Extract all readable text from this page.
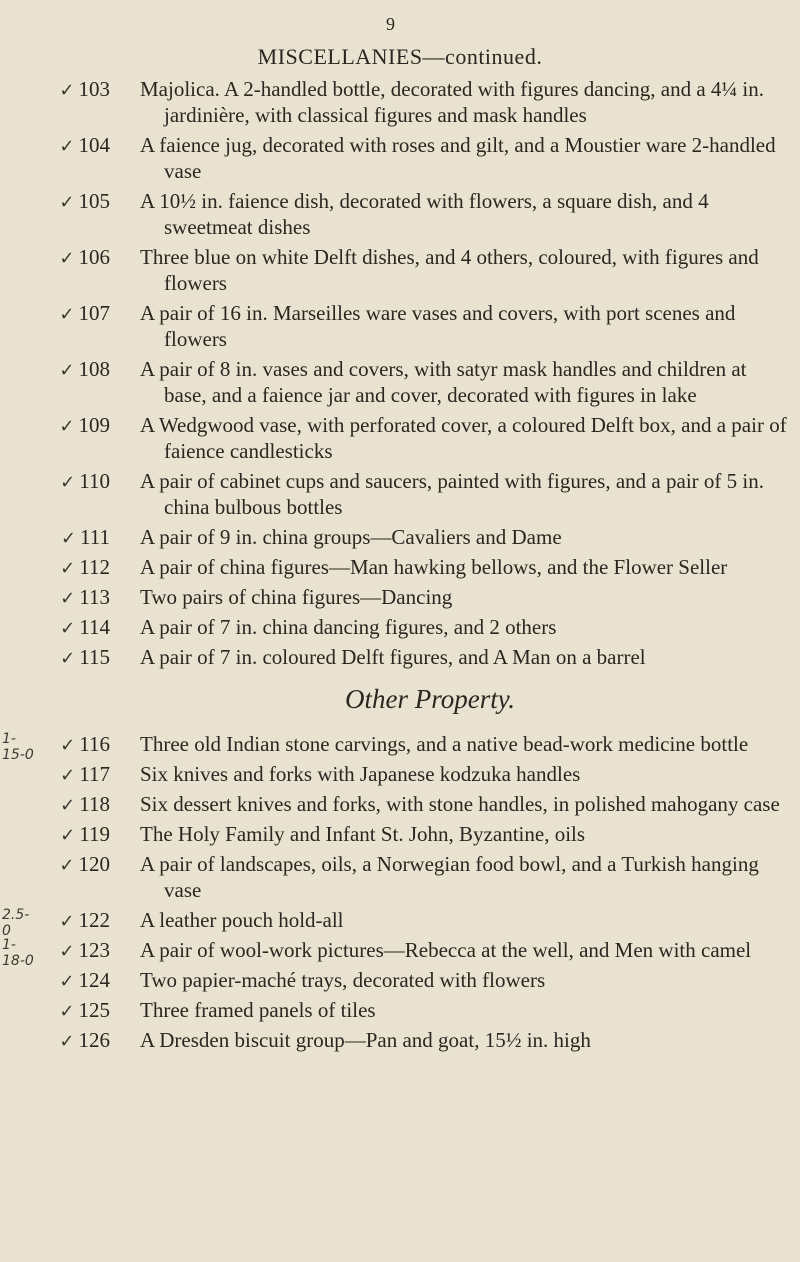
9
MISCELLANIES—continued.
✓ 103 Majolica. A 2-handled bottle, decorated with figures dancing, and a 4¼ in. jardinière, with classical figures and mask handles
✓ 104 A faience jug, decorated with roses and gilt, and a Moustier ware 2-handled vase
✓ 105 A 10½ in. faience dish, decorated with flowers, a square dish, and 4 sweetmeat dishes
✓ 106 Three blue on white Delft dishes, and 4 others, coloured, with figures and flowers
✓ 107 A pair of 16 in. Marseilles ware vases and covers, with port scenes and flowers
✓ 108 A pair of 8 in. vases and covers, with satyr mask handles and children at base, and a faience jar and cover, decorated with figures in lake
✓ 109 A Wedgwood vase, with perforated cover, a coloured Delft box, and a pair of faience candlesticks
✓ 110 A pair of cabinet cups and saucers, painted with figures, and a pair of 5 in. china bulbous bottles
✓ 111 A pair of 9 in. china groups—Cavaliers and Dame
✓ 112 A pair of china figures—Man hawking bellows, and the Flower Seller
✓ 113 Two pairs of china figures—Dancing
✓ 114 A pair of 7 in. china dancing figures, and 2 others
✓ 115 A pair of 7 in. coloured Delft figures, and A Man on a barrel
Other Property.
1-15-0	✓ 116 Three old Indian stone carvings, and a native bead-work medicine bottle
✓ 117 Six knives and forks with Japanese kodzuka handles
✓ 118 Six dessert knives and forks, with stone handles, in polished mahogany case
✓ 119 The Holy Family and Infant St. John, Byzantine, oils
✓ 120 A pair of landscapes, oils, a Norwegian food bowl, and a Turkish hanging vase
2.5-0	✓ 122 A leather pouch hold-all
1-18-0	✓ 123 A pair of wool-work pictures—Rebecca at the well, and Men with camel
✓ 124 Two papier-maché trays, decorated with flowers
✓ 125 Three framed panels of tiles
✓ 126 A Dresden biscuit group—Pan and goat, 15½ in. high
